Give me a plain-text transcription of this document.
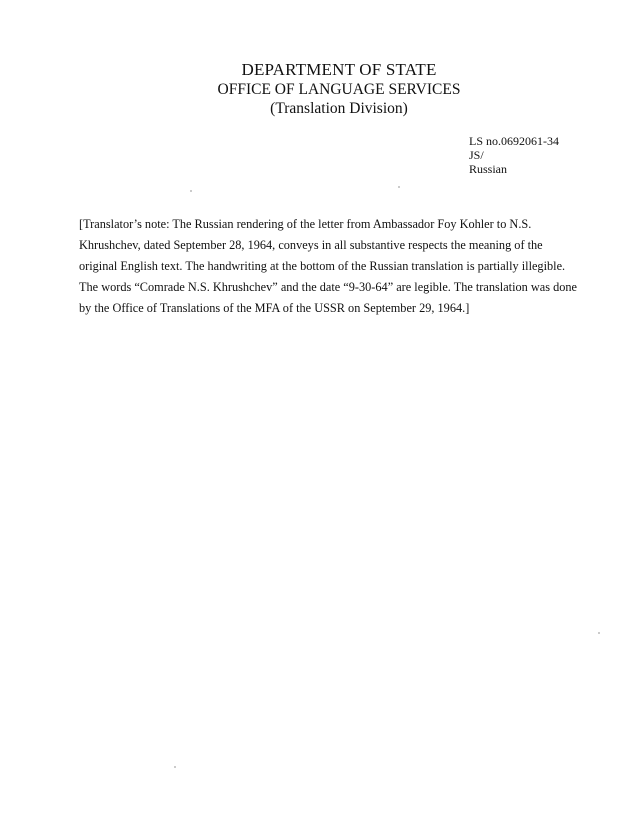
DEPARTMENT OF STATE
OFFICE OF LANGUAGE SERVICES
(Translation Division)
LS no.0692061-34
JS/
Russian
[Translator’s note: The Russian rendering of the letter from Ambassador Foy Kohler to N.S. Khrushchev, dated September 28, 1964, conveys in all substantive respects the meaning of the original English text. The handwriting at the bottom of the Russian translation is partially illegible. The words “Comrade N.S. Khrushchev” and the date “9-30-64” are legible. The translation was done by the Office of Translations of the MFA of the USSR on September 29, 1964.]
